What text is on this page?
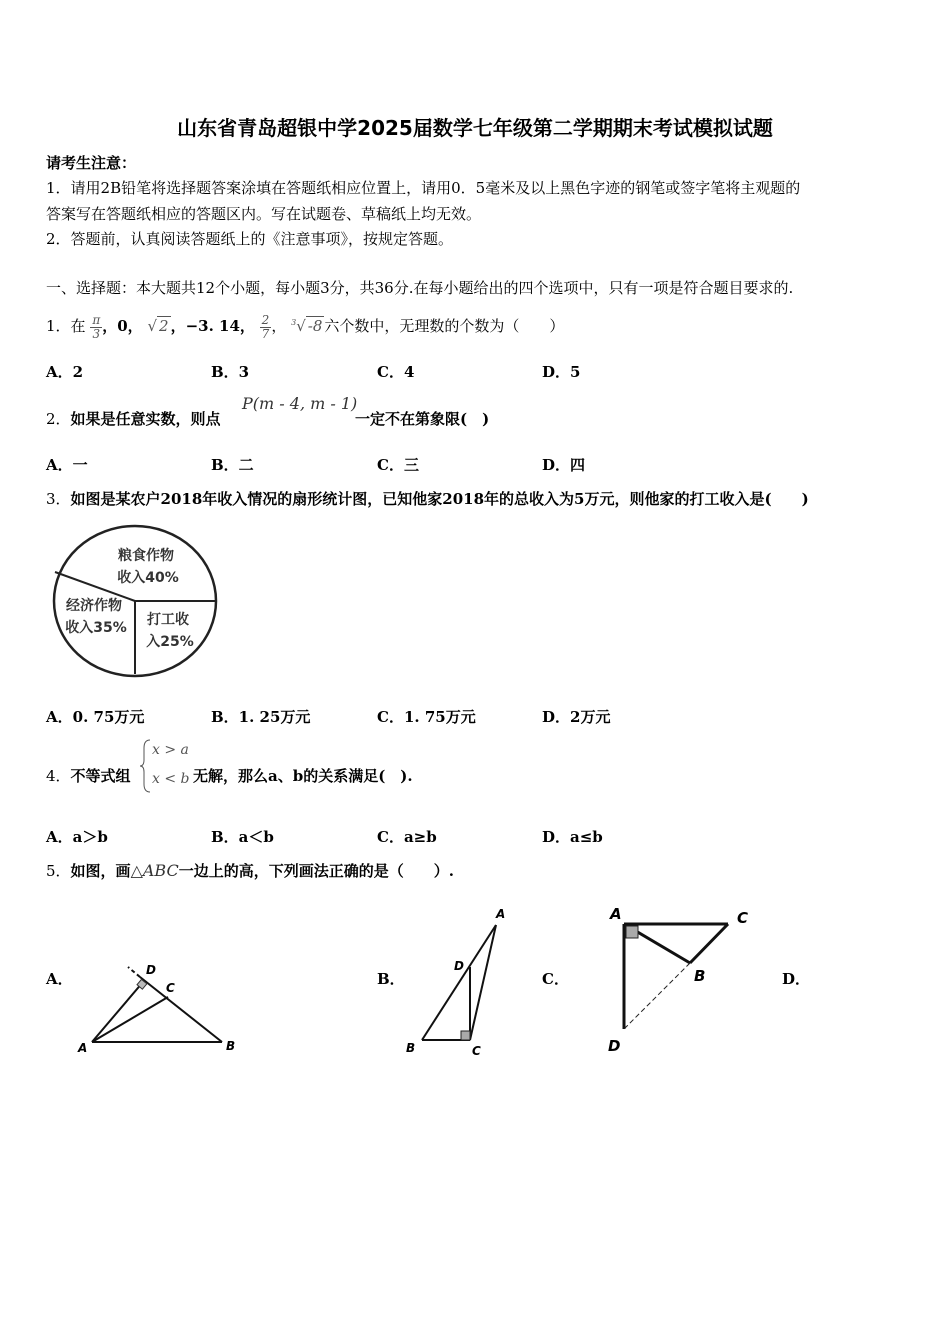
山东省青岛超银中学2025届数学七年级第二学期期末考试模拟试题
请考生注意：
1．请用2B铅笔将选择题答案涂填在答题纸相应位置上，请用0．5毫米及以上黑色字迹的钢笔或签字笔将主观题的
答案写在答题纸相应的答题区内。写在试题卷、草稿纸上均无效。
2．答题前，认真阅读答题纸上的《注意事项》，按规定答题。
一、选择题：本大题共12个小题，每小题3分，共36分.在每小题给出的四个选项中，只有一项是符合题目要求的.
1．在 $\frac{\pi}{3}$ ，0， √ 2 ，−3. 14， $\frac{2}{7}$ ， $^3$√ -8 六个数中，无理数的个数为（　　）
A．2	B．3	C．4	D．5
2．如果是任意实数，则点
P(m - 4, m - 1)
一定不在第象限(　)
A．一	B．二	C．三	D．四
3．如图是某农户2018年收入情况的扇形统计图，已知他家2018年的总收入为5万元，则他家的打工收入是(　　)
粮食作物
收入40%
经济作物
收入35% 打工收
入25%
A．0. 75万元	B．1. 25万元	C．1. 75万元	D．2万元
4．不等式组
x > a
x < b 无解，那么a、b的关系满足(　).
A．a＞b	B．a＜b	C．a≥b	D．a≤b
5．如图，画△ABC一边上的高，下列画法正确的是（　　）.
A．	B．	C．	D．
A	B
C
D
A
B	C
D
A	C
B
D
